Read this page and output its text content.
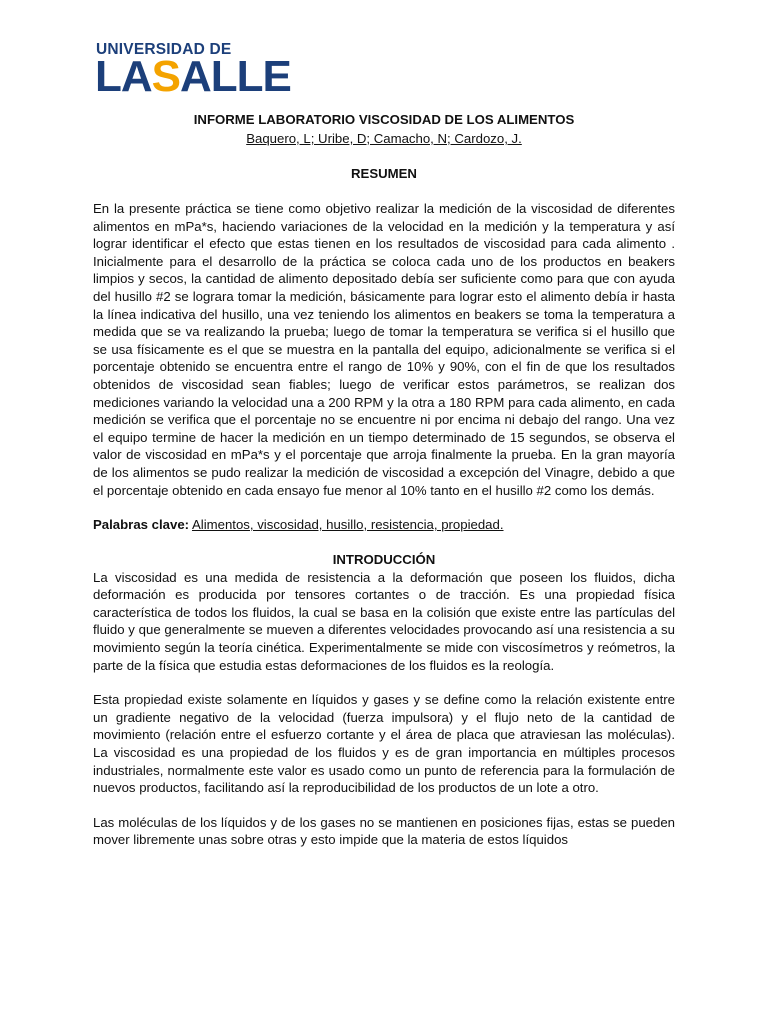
UNIVERSIDAD DE
LASALLE

INFORME LABORATORIO VISCOSIDAD DE LOS ALIMENTOS

Baquero, L; Uribe, D; Camacho, N; Cardozo, J.

RESUMEN

En la presente práctica se tiene como objetivo realizar la medición de la viscosidad de diferentes alimentos en mPa*s, haciendo variaciones de la velocidad en la medición y la temperatura y así lograr identificar el efecto que estas tienen en los resultados de viscosidad para cada alimento . Inicialmente para el desarrollo de la práctica se coloca cada uno de los productos en beakers limpios y secos, la cantidad de alimento depositado debía ser suficiente como para que con ayuda del husillo #2 se lograra tomar la medición, básicamente para lograr esto el alimento debía ir hasta la línea indicativa del husillo, una vez teniendo los alimentos en beakers se toma la temperatura a medida que se va realizando la prueba; luego de tomar la temperatura se verifica si el husillo que se usa físicamente es el que se muestra en la pantalla del equipo, adicionalmente se verifica si el porcentaje obtenido se encuentra entre el rango de 10% y 90%, con el fin de que los resultados obtenidos de viscosidad sean fiables; luego de verificar estos parámetros, se realizan dos mediciones variando la velocidad una a 200 RPM y la otra a 180 RPM para cada alimento, en cada medición se verifica que el porcentaje no se encuentre ni por encima ni debajo del rango. Una vez el equipo termine de hacer la medición en un tiempo determinado de 15 segundos, se observa el valor de viscosidad en mPa*s y el porcentaje que arroja finalmente la prueba. En la gran mayoría de los alimentos se pudo realizar la medición de viscosidad a excepción del Vinagre, debido a que el porcentaje obtenido en cada ensayo fue menor al 10% tanto en el husillo #2 como los demás.

Palabras clave: Alimentos, viscosidad, husillo, resistencia, propiedad.

INTRODUCCIÓN

La viscosidad es una medida de resistencia a la deformación que poseen los fluidos, dicha deformación es producida por tensores cortantes o de tracción. Es una propiedad física característica de todos los fluidos, la cual se basa en la colisión que existe entre las partículas del fluido y que generalmente se mueven a diferentes velocidades provocando así una resistencia a su movimiento según la teoría cinética. Experimentalmente se mide con viscosímetros y reómetros, la parte de la física que estudia estas deformaciones de los fluidos es la reología.

Esta propiedad existe solamente en líquidos y gases y se define como la relación existente entre un gradiente negativo de la velocidad (fuerza impulsora) y el flujo neto de la cantidad de movimiento (relación entre el esfuerzo cortante y el área de placa que atraviesan las moléculas). La viscosidad es una propiedad de los fluidos y es de gran importancia en múltiples procesos industriales, normalmente este valor es usado como un punto de referencia para la formulación de nuevos productos, facilitando así la reproducibilidad de los productos de un lote a otro.

Las moléculas de los líquidos y de los gases no se mantienen en posiciones fijas, estas se pueden mover libremente unas sobre otras y esto impide que la materia de estos líquidos
